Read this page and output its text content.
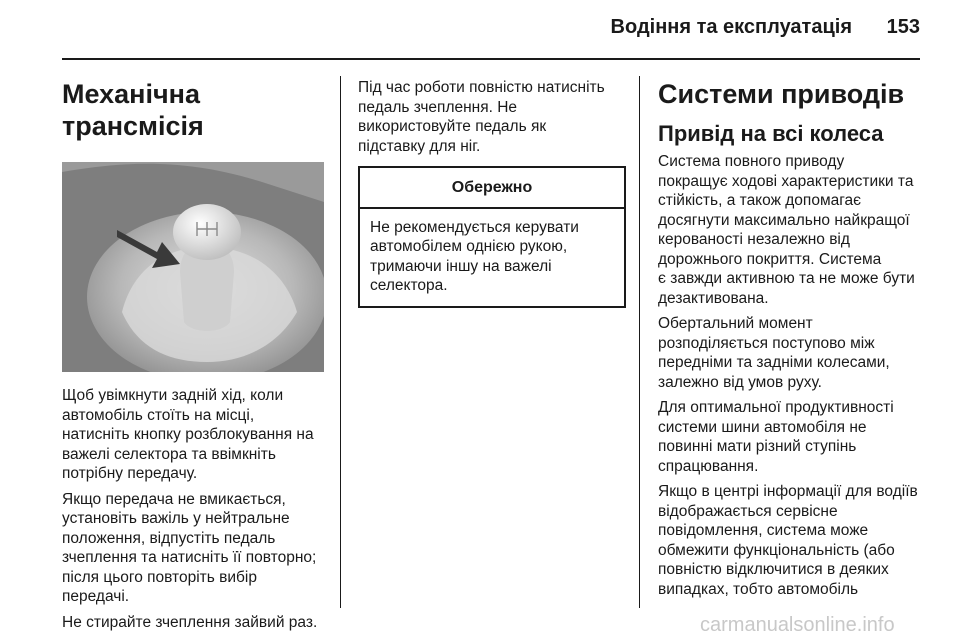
Водіння та експлуатація	153
Механічна трансмісія

Щоб увімкнути задній хід, коли
автомобіль стоїть на місці,
натисніть кнопку розблокування на
важелі селектора та ввімкніть
потрібну передачу.

Якщо передача не вмикається,
установіть важіль у нейтральне
положення, відпустіть педаль
зчеплення та натисніть її повторно;
після цього повторіть вибір
передачі.

Не стирайте зчеплення зайвий раз.

Під час роботи повністю натисніть
педаль зчеплення. Не
використовуйте педаль як
підставку для ніг.

Обережно
Не рекомендується керувати
автомобілем однією рукою,
тримаючи іншу на важелі
селектора.
Системи приводів
Привід на всі колеса

Система повного приводу
покращує ходові характеристики та
стійкість, а також допомагає
досягнути максимально найкращої
керованості незалежно від
дорожнього покриття. Система
є завжди активною та не може бути
дезактивована.

Обертальний момент
розподіляється поступово між
передніми та задніми колесами,
залежно від умов руху.

Для оптимальної продуктивності
системи шини автомобіля не
повинні мати різний ступінь
спрацювання.

Якщо в центрі інформації для водіїв
відображається сервісне
повідомлення, система може
обмежити функціональність (або
повністю відключитися в деяких
випадках, тобто автомобіль

carmanualsonline.info
